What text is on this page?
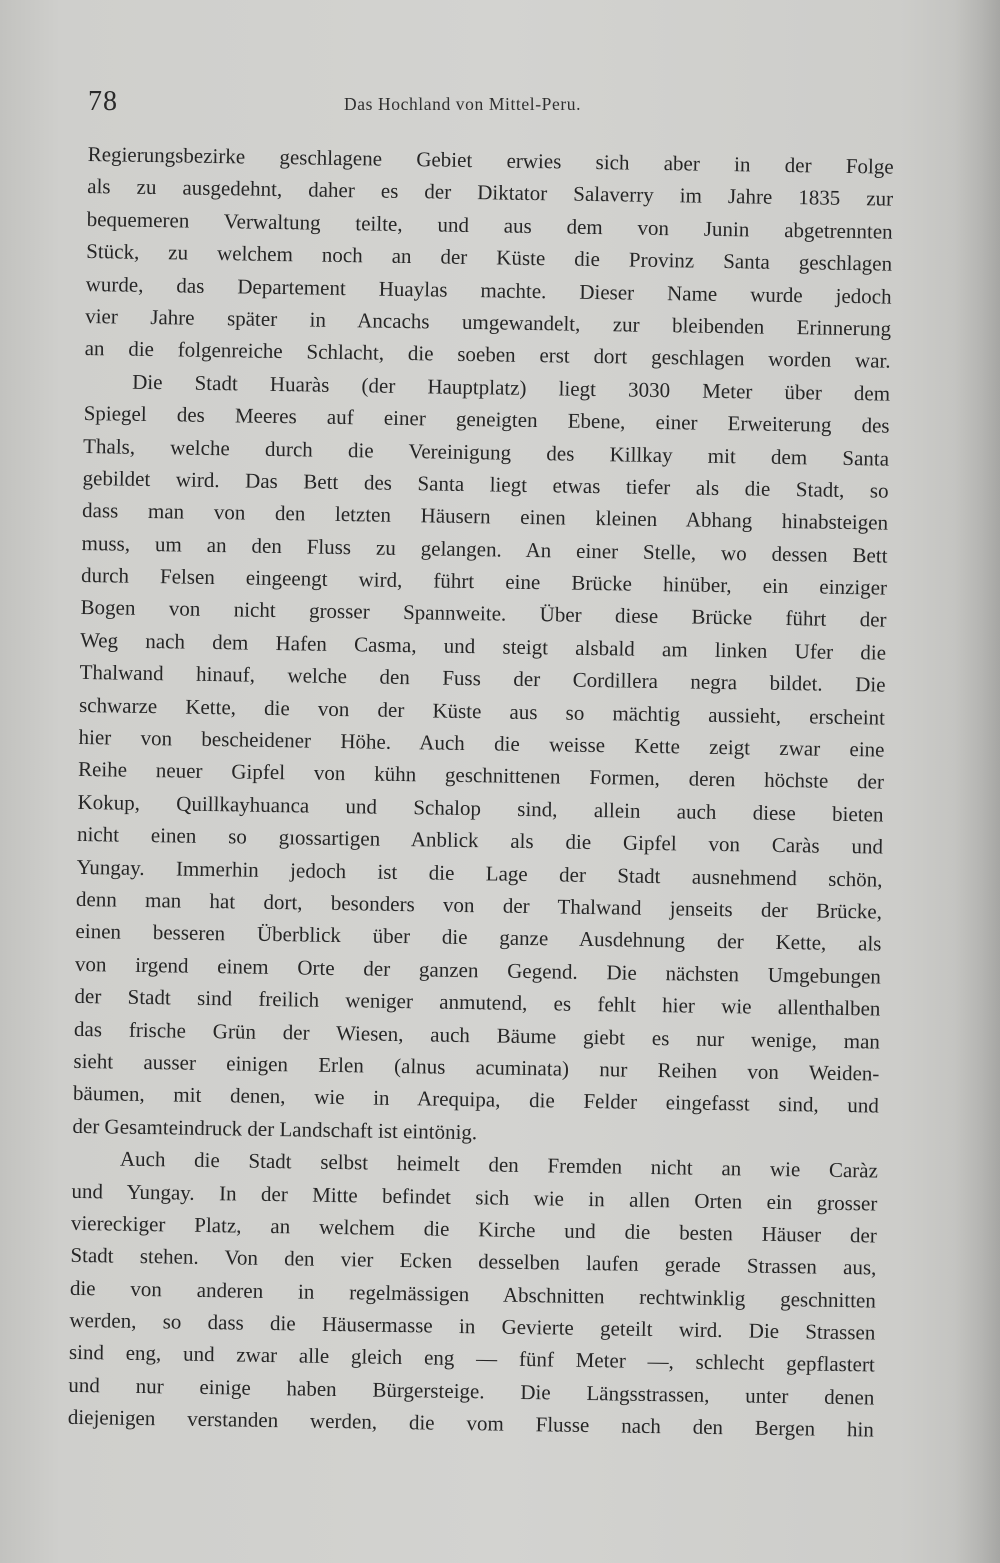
78	Das Hochland von Mittel-Peru.
Regierungsbezirke geschlagene Gebiet erwies sich aber in der Folge
als zu ausgedehnt, daher es der Diktator Salaverry im Jahre 1835 zur
bequemeren Verwaltung teilte, und aus dem von Junin abgetrennten
Stück, zu welchem noch an der Küste die Provinz Santa geschlagen
wurde, das Departement Huaylas machte. Dieser Name wurde jedoch
vier Jahre später in Ancachs umgewandelt, zur bleibenden Erinnerung
an die folgenreiche Schlacht, die soeben erst dort geschlagen worden war.
Die Stadt Huaràs (der Hauptplatz) liegt 3030 Meter über dem
Spiegel des Meeres auf einer geneigten Ebene, einer Erweiterung des
Thals, welche durch die Vereinigung des Killkay mit dem Santa
gebildet wird. Das Bett des Santa liegt etwas tiefer als die Stadt, so
dass man von den letzten Häusern einen kleinen Abhang hinabsteigen
muss, um an den Fluss zu gelangen. An einer Stelle, wo dessen Bett
durch Felsen eingeengt wird, führt eine Brücke hinüber, ein einziger
Bogen von nicht grosser Spannweite. Über diese Brücke führt der
Weg nach dem Hafen Casma, und steigt alsbald am linken Ufer die
Thalwand hinauf, welche den Fuss der Cordillera negra bildet. Die
schwarze Kette, die von der Küste aus so mächtig aussieht, erscheint
hier von bescheidener Höhe. Auch die weisse Kette zeigt zwar eine
Reihe neuer Gipfel von kühn geschnittenen Formen, deren höchste der
Kokup, Quillkayhuanca und Schalop sind, allein auch diese bieten
nicht einen so gıossartigen Anblick als die Gipfel von Caràs und
Yungay. Immerhin jedoch ist die Lage der Stadt ausnehmend schön,
denn man hat dort, besonders von der Thalwand jenseits der Brücke,
einen besseren Überblick über die ganze Ausdehnung der Kette, als
von irgend einem Orte der ganzen Gegend. Die nächsten Umgebungen
der Stadt sind freilich weniger anmutend, es fehlt hier wie allenthalben
das frische Grün der Wiesen, auch Bäume giebt es nur wenige, man
sieht ausser einigen Erlen (alnus acuminata) nur Reihen von Weiden-
bäumen, mit denen, wie in Arequipa, die Felder eingefasst sind, und
der Gesamteindruck der Landschaft ist eintönig.
Auch die Stadt selbst heimelt den Fremden nicht an wie Caràz
und Yungay. In der Mitte befindet sich wie in allen Orten ein grosser
viereckiger Platz, an welchem die Kirche und die besten Häuser der
Stadt stehen. Von den vier Ecken desselben laufen gerade Strassen aus,
die von anderen in regelmässigen Abschnitten rechtwinklig geschnitten
werden, so dass die Häusermasse in Gevierte geteilt wird. Die Strassen
sind eng, und zwar alle gleich eng — fünf Meter —, schlecht gepflastert
und nur einige haben Bürgersteige. Die Längsstrassen, unter denen
diejenigen verstanden werden, die vom Flusse nach den Bergen hin
